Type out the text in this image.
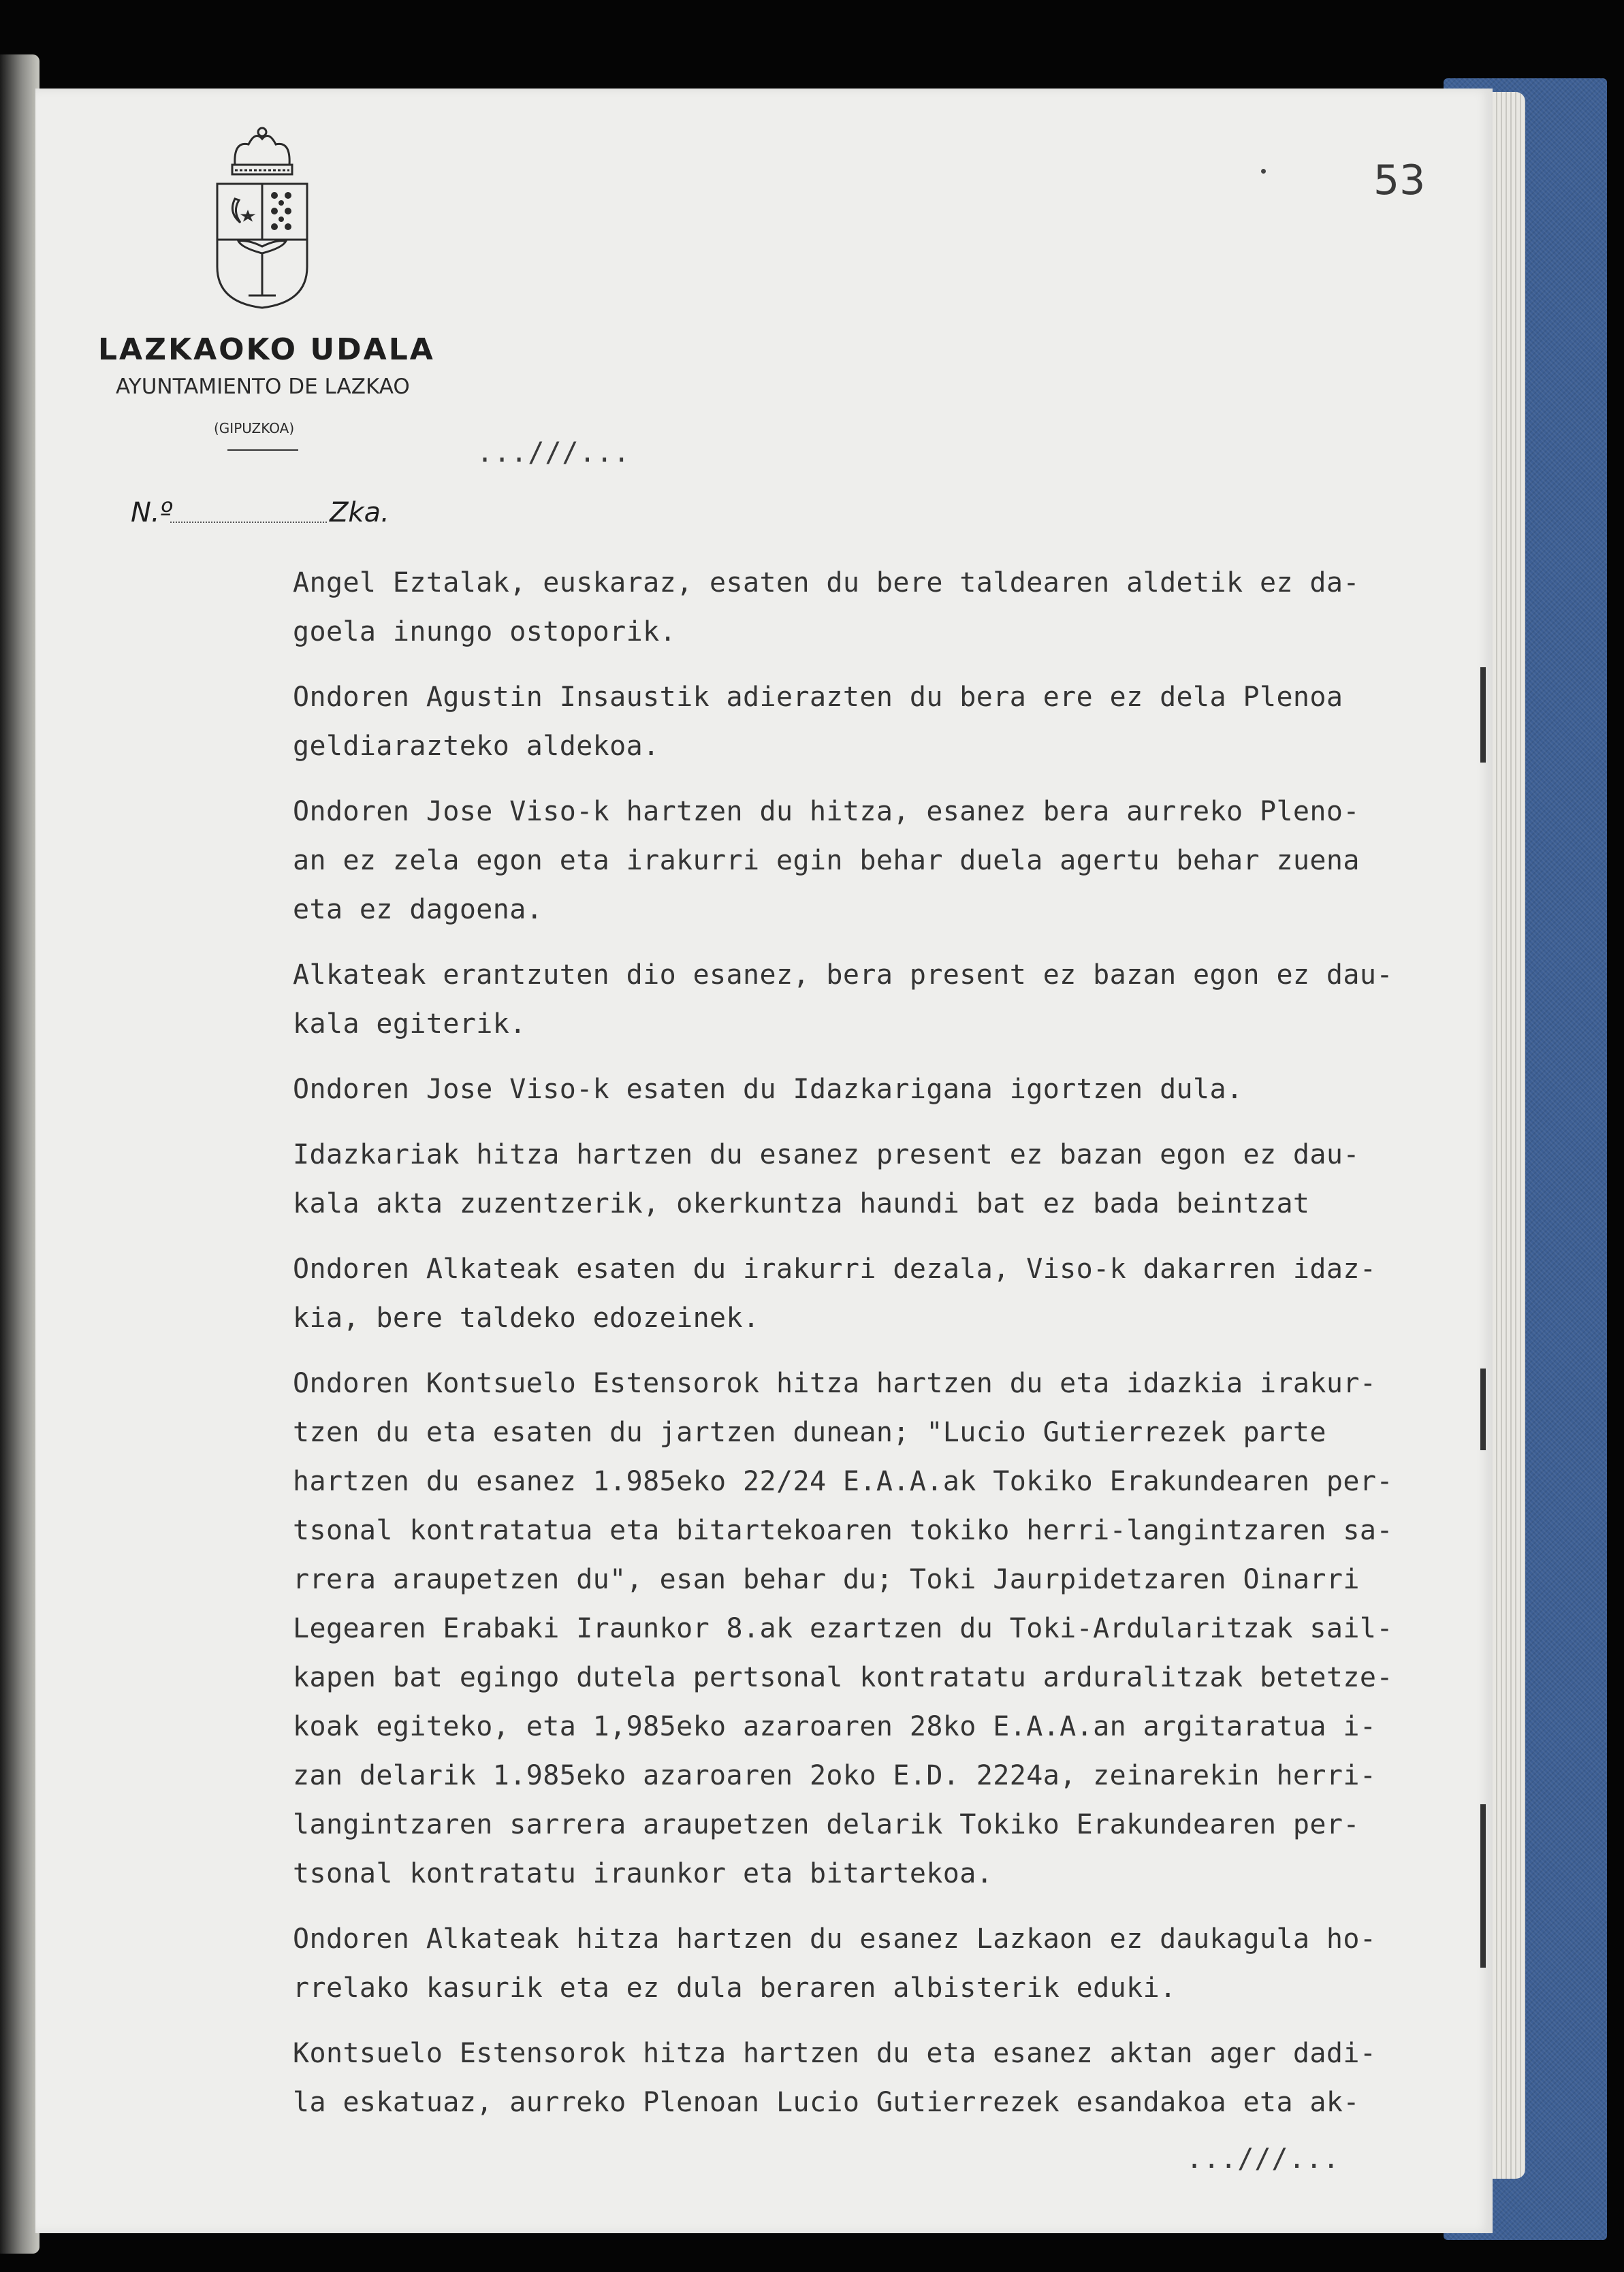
LAZKAOKO UDALA
AYUNTAMIENTO DE LAZKAO
(GIPUZKOA)
N.º	Zka.
53
...///...
Angel Eztalak, euskaraz, esaten du bere taldearen aldetik ez da-
goela inungo ostoporik.
Ondoren Agustin Insaustik adierazten du bera ere ez dela Plenoa
geldiarazteko aldekoa.
Ondoren Jose Viso-k hartzen du hitza, esanez bera aurreko Pleno-
an ez zela egon eta irakurri egin behar duela agertu behar zuena
eta ez dagoena.
Alkateak erantzuten dio esanez, bera present ez bazan egon ez dau-
kala egiterik.
Ondoren Jose Viso-k esaten du Idazkarigana igortzen dula.
Idazkariak hitza hartzen du esanez present ez bazan egon ez dau-
kala akta zuzentzerik, okerkuntza haundi bat ez bada beintzat
Ondoren Alkateak esaten du irakurri dezala, Viso-k dakarren idaz-
kia, bere taldeko edozeinek.
Ondoren Kontsuelo Estensorok hitza hartzen du eta idazkia irakur-
tzen du eta esaten du jartzen dunean; "Lucio Gutierrezek parte
hartzen du esanez 1.985eko 22/24 E.A.A.ak Tokiko Erakundearen per-
tsonal kontratatua eta bitartekoaren tokiko herri-langintzaren sa-
rrera araupetzen du", esan behar du; Toki Jaurpidetzaren Oinarri
Legearen Erabaki Iraunkor 8.ak ezartzen du Toki-Ardularitzak sail-
kapen bat egingo dutela pertsonal kontratatu arduralitzak betetze-
koak egiteko, eta 1,985eko azaroaren 28ko E.A.A.an argitaratua i-
zan delarik 1.985eko azaroaren 2oko E.D. 2224a, zeinarekin herri-
langintzaren sarrera araupetzen delarik Tokiko Erakundearen per-
tsonal kontratatu iraunkor eta bitartekoa.
Ondoren Alkateak hitza hartzen du esanez Lazkaon ez daukagula ho-
rrelako kasurik eta ez dula beraren albisterik eduki.
Kontsuelo Estensorok hitza hartzen du eta esanez aktan ager dadi-
la eskatuaz, aurreko Plenoan Lucio Gutierrezek esandakoa eta ak-
...///...
